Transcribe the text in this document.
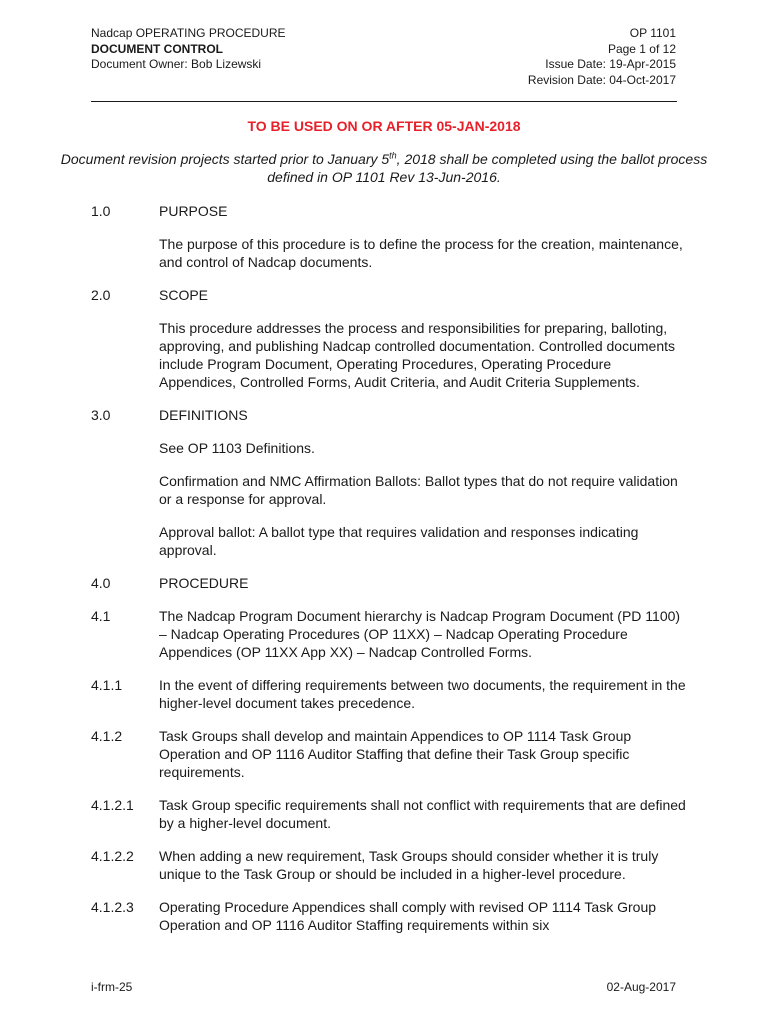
Nadcap OPERATING PROCEDURE
DOCUMENT CONTROL
Document Owner: Bob Lizewski
OP 1101
Page 1 of 12
Issue Date: 19-Apr-2015
Revision Date: 04-Oct-2017
TO BE USED ON OR AFTER 05-JAN-2018
Document revision projects started prior to January 5th, 2018 shall be completed using the ballot process defined in OP 1101 Rev 13-Jun-2016.
1.0	PURPOSE

The purpose of this procedure is to define the process for the creation, maintenance, and control of Nadcap documents.

2.0	SCOPE

This procedure addresses the process and responsibilities for preparing, balloting, approving, and publishing Nadcap controlled documentation. Controlled documents include Program Document, Operating Procedures, Operating Procedure Appendices, Controlled Forms, Audit Criteria, and Audit Criteria Supplements.

3.0	DEFINITIONS

See OP 1103 Definitions.

Confirmation and NMC Affirmation Ballots: Ballot types that do not require validation or a response for approval.

Approval ballot: A ballot type that requires validation and responses indicating approval.

4.0	PROCEDURE

4.1	The Nadcap Program Document hierarchy is Nadcap Program Document (PD 1100) – Nadcap Operating Procedures (OP 11XX) – Nadcap Operating Procedure Appendices (OP 11XX App XX) – Nadcap Controlled Forms.

4.1.1	In the event of differing requirements between two documents, the requirement in the higher-level document takes precedence.

4.1.2	Task Groups shall develop and maintain Appendices to OP 1114 Task Group Operation and OP 1116 Auditor Staffing that define their Task Group specific requirements.

4.1.2.1 Task Group specific requirements shall not conflict with requirements that are defined by a higher-level document.

4.1.2.2 When adding a new requirement, Task Groups should consider whether it is truly unique to the Task Group or should be included in a higher-level procedure.

4.1.2.3 Operating Procedure Appendices shall comply with revised OP 1114 Task Group Operation and OP 1116 Auditor Staffing requirements within six

i-frm-25	02-Aug-2017
